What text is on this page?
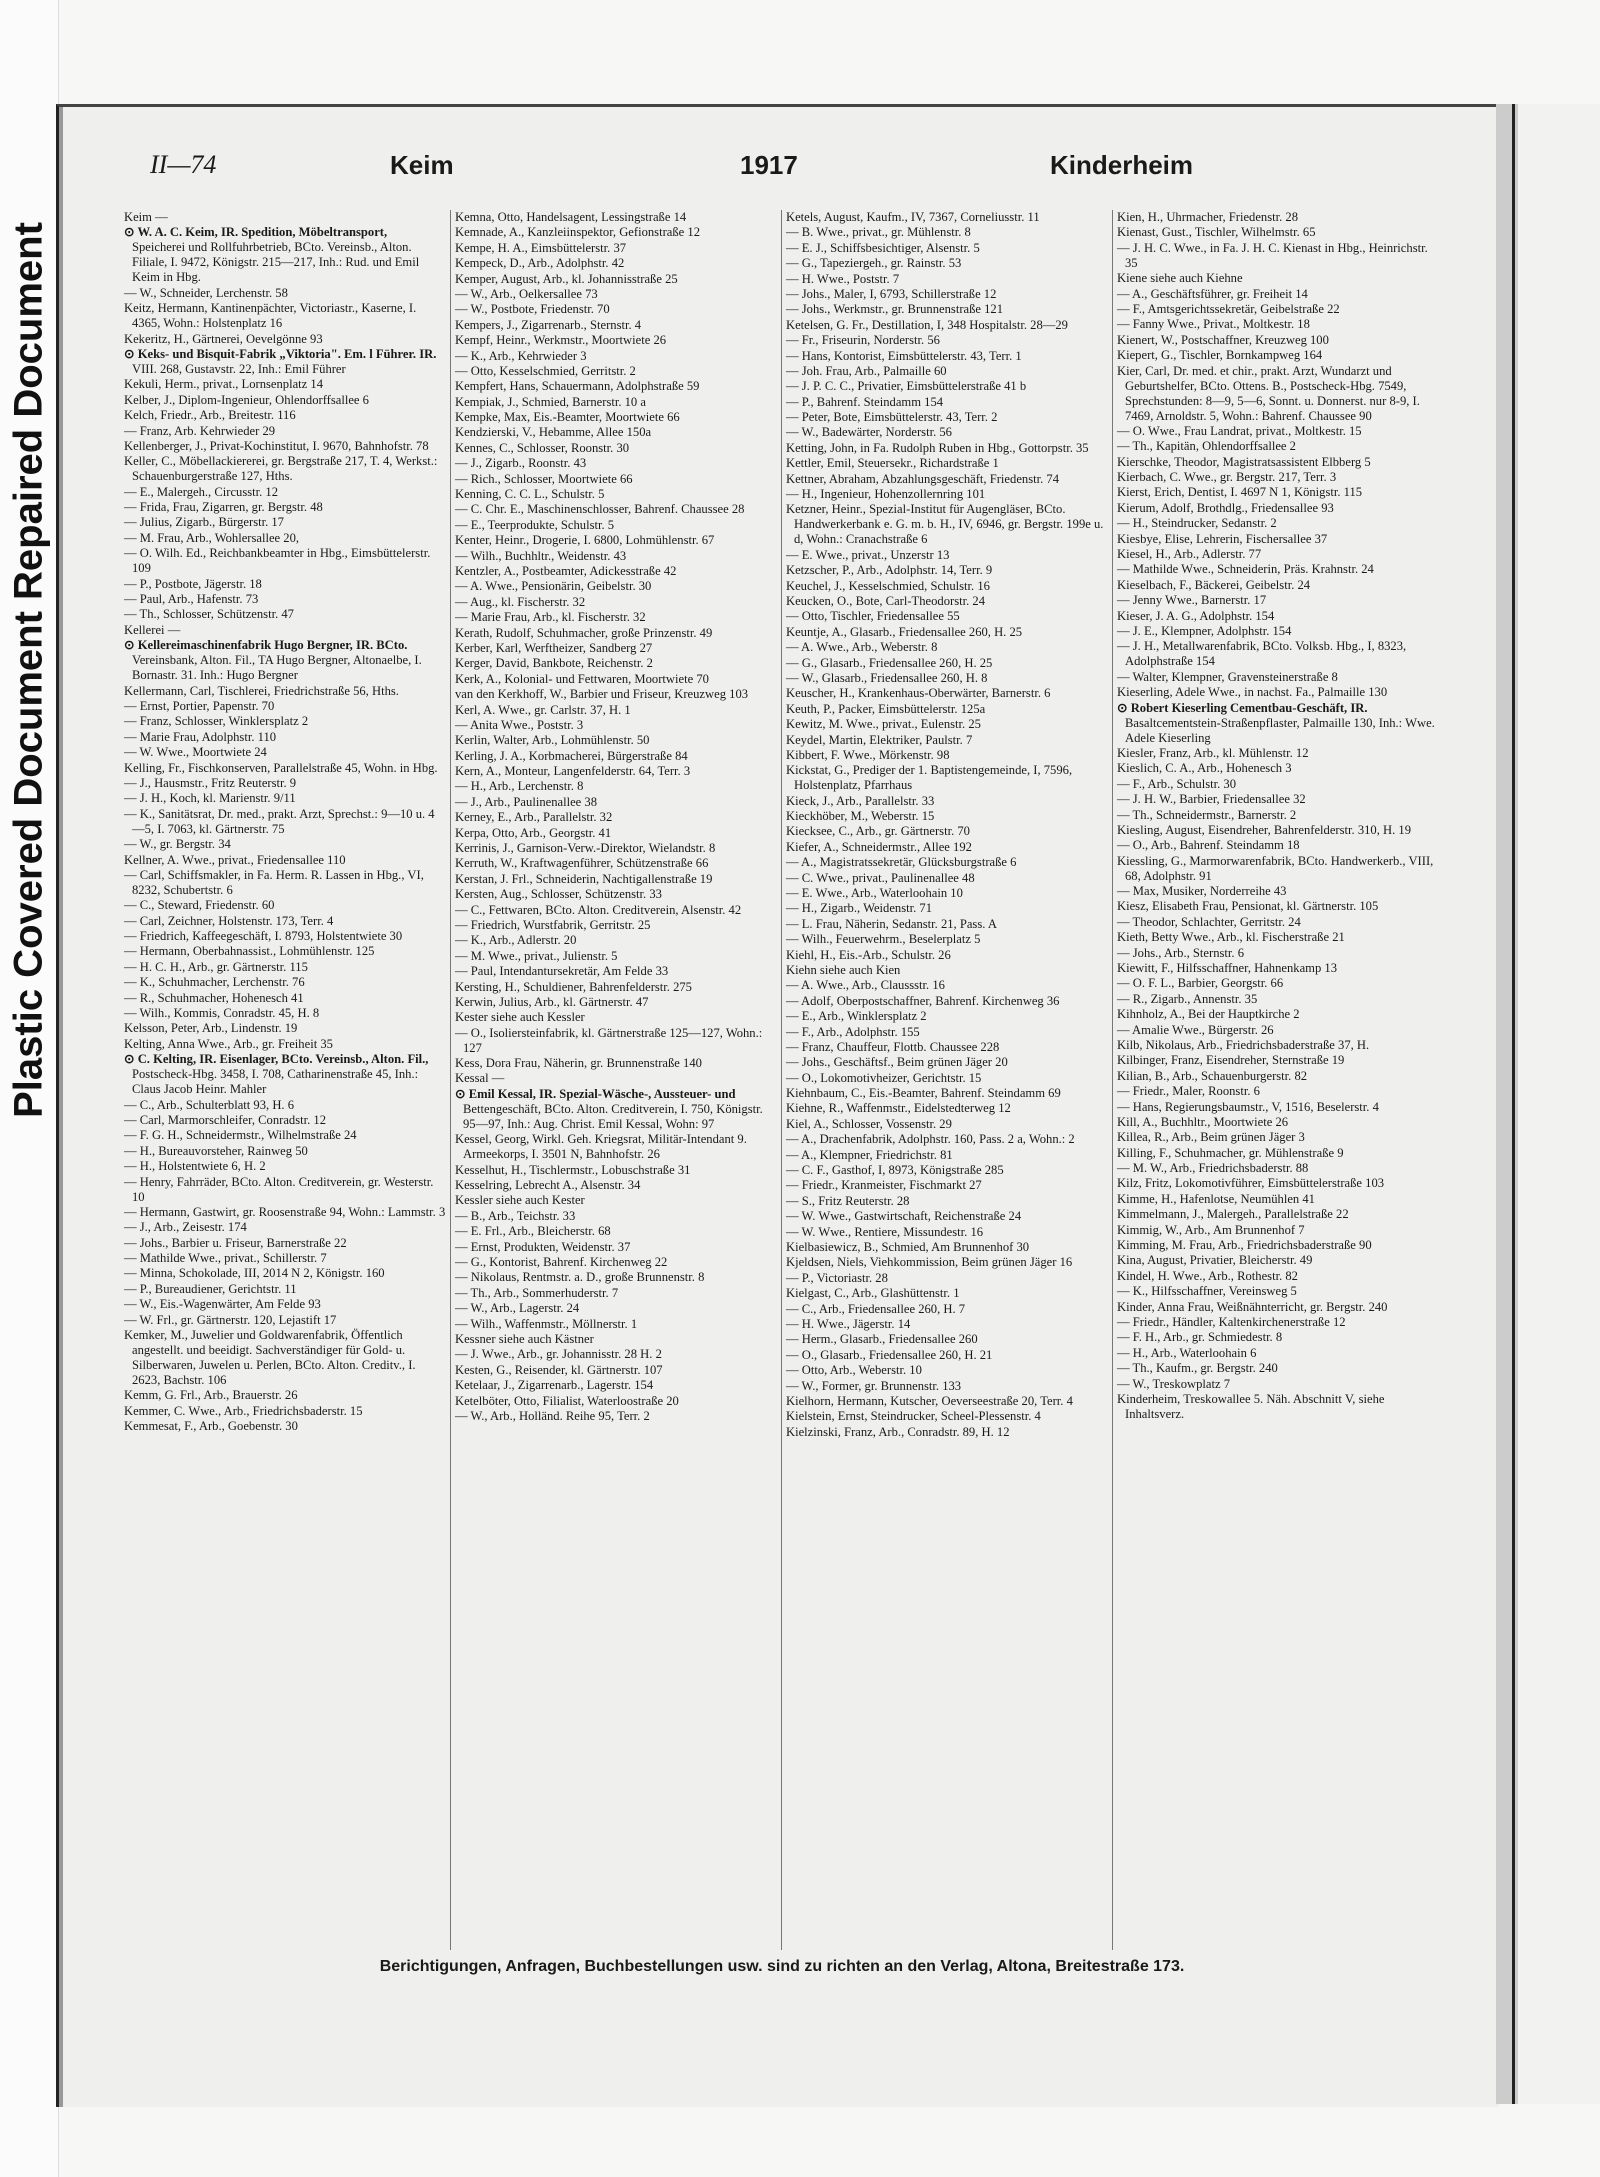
Plastic Covered Document Repaired Document
II—74	Keim	1917	Kinderheim
Keim —
⊙ W. A. C. Keim, IR. Spedition, Möbeltransport, Speicherei und Rollfuhrbetrieb, BCto. Vereinsb., Alton. Filiale, I. 9472, Königstr. 215—217, Inh.: Rud. und Emil Keim in Hbg.
— W., Schneider, Lerchenstr. 58
Keitz, Hermann, Kantinenpächter, Victoriastr., Kaserne, I. 4365, Wohn.: Holstenplatz 16
Kekeritz, H., Gärtnerei, Oevelgönne 93
⊙ Keks- und Bisquit-Fabrik „Viktoria". Em. l Führer. IR. VIII. 268, Gustavstr. 22, Inh.: Emil Führer
Kekuli, Herm., privat., Lornsenplatz 14
Kelber, J., Diplom-Ingenieur, Ohlendorffsallee 6
Kelch, Friedr., Arb., Breitestr. 116
— Franz, Arb. Kehrwieder 29
Kellenberger, J., Privat-Kochinstitut, I. 9670, Bahnhofstr. 78
Keller, C., Möbellackiererei, gr. Bergstraße 217, T. 4, Werkst.: Schauenburgerstraße 127, Hths.
— E., Malergeh., Circusstr. 12
— Frida, Frau, Zigarren, gr. Bergstr. 48
— Julius, Zigarb., Bürgerstr. 17
— M. Frau, Arb., Wohlersallee 20,
— O. Wilh. Ed., Reichbankbeamter in Hbg., Eimsbüttelerstr. 109
— P., Postbote, Jägerstr. 18
— Paul, Arb., Hafenstr. 73
— Th., Schlosser, Schützenstr. 47
Kellerei —
⊙ Kellereimaschinenfabrik Hugo Bergner, IR. BCto. Vereinsbank, Alton. Fil., TA Hugo Bergner, Altonaelbe, I. Bornastr. 31. Inh.: Hugo Bergner
Kellermann, Carl, Tischlerei, Friedrichstraße 56, Hths.
— Ernst, Portier, Papenstr. 70
— Franz, Schlosser, Winklersplatz 2
— Marie Frau, Adolphstr. 110
— W. Wwe., Moortwiete 24
Kelling, Fr., Fischkonserven, Parallelstraße 45, Wohn. in Hbg.
— J., Hausmstr., Fritz Reuterstr. 9
— J. H., Koch, kl. Marienstr. 9/11
— K., Sanitätsrat, Dr. med., prakt. Arzt, Sprechst.: 9—10 u. 4—5, I. 7063, kl. Gärtnerstr. 75
— W., gr. Bergstr. 34
Kellner, A. Wwe., privat., Friedensallee 110
— Carl, Schiffsmakler, in Fa. Herm. R. Lassen in Hbg., VI, 8232, Schubertstr. 6
— C., Steward, Friedenstr. 60
— Carl, Zeichner, Holstenstr. 173, Terr. 4
— Friedrich, Kaffeegeschäft, I. 8793, Holstentwiete 30
— Hermann, Oberbahnassist., Lohmühlenstr. 125
— H. C. H., Arb., gr. Gärtnerstr. 115
— K., Schuhmacher, Lerchenstr. 76
— R., Schuhmacher, Hohenesch 41
— Wilh., Kommis, Conradstr. 45, H. 8
Kelsson, Peter, Arb., Lindenstr. 19
Kelting, Anna Wwe., Arb., gr. Freiheit 35
⊙ C. Kelting, IR. Eisenlager, BCto. Vereinsb., Alton. Fil., Postscheck-Hbg. 3458, I. 708, Catharinenstraße 45, Inh.: Claus Jacob Heinr. Mahler
— C., Arb., Schulterblatt 93, H. 6
— Carl, Marmorschleifer, Conradstr. 12
— F. G. H., Schneidermstr., Wilhelmstraße 24
— H., Bureauvorsteher, Rainweg 50
— H., Holstentwiete 6, H. 2
— Henry, Fahrräder, BCto. Alton. Creditverein, gr. Westerstr. 10
— Hermann, Gastwirt, gr. Roosenstraße 94, Wohn.: Lammstr. 3
— J., Arb., Zeisestr. 174
— Johs., Barbier u. Friseur, Barnerstraße 22
— Mathilde Wwe., privat., Schillerstr. 7
— Minna, Schokolade, III, 2014 N 2, Königstr. 160
— P., Bureaudiener, Gerichtstr. 11
— W., Eis.-Wagenwärter, Am Felde 93
— W. Frl., gr. Gärtnerstr. 120, Lejastift 17
Kemker, M., Juwelier und Goldwarenfabrik, Öffentlich angestellt. und beeidigt. Sachverständiger für Gold- u. Silberwaren, Juwelen u. Perlen, BCto. Alton. Creditv., I. 2623, Bachstr. 106
Kemm, G. Frl., Arb., Brauerstr. 26
Kemmer, C. Wwe., Arb., Friedrichsbaderstr. 15
Kemmesat, F., Arb., Goebenstr. 30
Kemna, Otto, Handelsagent, Lessingstraße 14
Kemnade, A., Kanzleiinspektor, Gefionstraße 12
Kempe, H. A., Eimsbüttelerstr. 37
Kempeck, D., Arb., Adolphstr. 42
Kemper, August, Arb., kl. Johannisstraße 25
— W., Arb., Oelkersallee 73
— W., Postbote, Friedenstr. 70
Kempers, J., Zigarrenarb., Sternstr. 4
Kempf, Heinr., Werkmstr., Moortwiete 26
— K., Arb., Kehrwieder 3
— Otto, Kesselschmied, Gerritstr. 2
Kempfert, Hans, Schauermann, Adolphstraße 59
Kempiak, J., Schmied, Barnerstr. 10 a
Kempke, Max, Eis.-Beamter, Moortwiete 66
Kendzierski, V., Hebamme, Allee 150a
Kennes, C., Schlosser, Roonstr. 30
— J., Zigarb., Roonstr. 43
— Rich., Schlosser, Moortwiete 66
Kenning, C. C. L., Schulstr. 5
— C. Chr. E., Maschinenschlosser, Bahrenf. Chaussee 28
— E., Teerprodukte, Schulstr. 5
Kenter, Heinr., Drogerie, I. 6800, Lohmühlenstr. 67
— Wilh., Buchhltr., Weidenstr. 43
Kentzler, A., Postbeamter, Adickesstraße 42
— A. Wwe., Pensionärin, Geibelstr. 30
— Aug., kl. Fischerstr. 32
— Marie Frau, Arb., kl. Fischerstr. 32
Kerath, Rudolf, Schuhmacher, große Prinzenstr. 49
Kerber, Karl, Werftheizer, Sandberg 27
Kerger, David, Bankbote, Reichenstr. 2
Kerk, A., Kolonial- und Fettwaren, Moortwiete 70
van den Kerkhoff, W., Barbier und Friseur, Kreuzweg 103
Kerl, A. Wwe., gr. Carlstr. 37, H. 1
— Anita Wwe., Poststr. 3
Kerlin, Walter, Arb., Lohmühlenstr. 50
Kerling, J. A., Korbmacherei, Bürgerstraße 84
Kern, A., Monteur, Langenfelderstr. 64, Terr. 3
— H., Arb., Lerchenstr. 8
— J., Arb., Paulinenallee 38
Kerney, E., Arb., Parallelstr. 32
Kerpa, Otto, Arb., Georgstr. 41
Kerrinis, J., Garnison-Verw.-Direktor, Wielandstr. 8
Kerruth, W., Kraftwagenführer, Schützenstraße 66
Kerstan, J. Frl., Schneiderin, Nachtigallenstraße 19
Kersten, Aug., Schlosser, Schützenstr. 33
— C., Fettwaren, BCto. Alton. Creditverein, Alsenstr. 42
— Friedrich, Wurstfabrik, Gerritstr. 25
— K., Arb., Adlerstr. 20
— M. Wwe., privat., Julienstr. 5
— Paul, Intendantursekretär, Am Felde 33
Kersting, H., Schuldiener, Bahrenfelderstr. 275
Kerwin, Julius, Arb., kl. Gärtnerstr. 47
Kester siehe auch Kessler
— O., Isoliersteinfabrik, kl. Gärtnerstraße 125—127, Wohn.: 127
Kess, Dora Frau, Näherin, gr. Brunnenstraße 140
Kessal —
⊙ Emil Kessal, IR. Spezial-Wäsche-, Aussteuer- und Bettengeschäft, BCto. Alton. Creditverein, I. 750, Königstr. 95—97, Inh.: Aug. Christ. Emil Kessal, Wohn: 97
Kessel, Georg, Wirkl. Geh. Kriegsrat, Militär-Intendant 9. Armeekorps, I. 3501 N, Bahnhofstr. 26
Kesselhut, H., Tischlermstr., Lobuschstraße 31
Kesselring, Lebrecht A., Alsenstr. 34
Kessler siehe auch Kester
— B., Arb., Teichstr. 33
— E. Frl., Arb., Bleicherstr. 68
— Ernst, Produkten, Weidenstr. 37
— G., Kontorist, Bahrenf. Kirchenweg 22
— Nikolaus, Rentmstr. a. D., große Brunnenstr. 8
— Th., Arb., Sommerhuderstr. 7
— W., Arb., Lagerstr. 24
— Wilh., Waffenmstr., Möllnerstr. 1
Kessner siehe auch Kästner
— J. Wwe., Arb., gr. Johannisstr. 28 H. 2
Kesten, G., Reisender, kl. Gärtnerstr. 107
Ketelaar, J., Zigarrenarb., Lagerstr. 154
Ketelböter, Otto, Filialist, Waterloostraße 20
— W., Arb., Holländ. Reihe 95, Terr. 2
Ketels, August, Kaufm., IV, 7367, Corneliusstr. 11
— B. Wwe., privat., gr. Mühlenstr. 8
— E. J., Schiffsbesichtiger, Alsenstr. 5
— G., Tapeziergeh., gr. Rainstr. 53
— H. Wwe., Poststr. 7
— Johs., Maler, I, 6793, Schillerstraße 12
— Johs., Werkmstr., gr. Brunnenstraße 121
Ketelsen, G. Fr., Destillation, I, 348 Hospitalstr. 28—29
— Fr., Friseurin, Norderstr. 56
— Hans, Kontorist, Eimsbüttelerstr. 43, Terr. 1
— Joh. Frau, Arb., Palmaille 60
— J. P. C. C., Privatier, Eimsbüttelerstraße 41 b
— P., Bahrenf. Steindamm 154
— Peter, Bote, Eimsbüttelerstr. 43, Terr. 2
— W., Badewärter, Norderstr. 56
Ketting, John, in Fa. Rudolph Ruben in Hbg., Gottorpstr. 35
Kettler, Emil, Steuersekr., Richardstraße 1
Kettner, Abraham, Abzahlungsgeschäft, Friedenstr. 74
— H., Ingenieur, Hohenzollernring 101
Ketzner, Heinr., Spezial-Institut für Augengläser, BCto. Handwerkerbank e. G. m. b. H., IV, 6946, gr. Bergstr. 199e u. d, Wohn.: Cranachstraße 6
— E. Wwe., privat., Unzerstr 13
Ketzscher, P., Arb., Adolphstr. 14, Terr. 9
Keuchel, J., Kesselschmied, Schulstr. 16
Keucken, O., Bote, Carl-Theodorstr. 24
— Otto, Tischler, Friedensallee 55
Keuntje, A., Glasarb., Friedensallee 260, H. 25
— A. Wwe., Arb., Weberstr. 8
— G., Glasarb., Friedensallee 260, H. 25
— W., Glasarb., Friedensallee 260, H. 8
Keuscher, H., Krankenhaus-Oberwärter, Barnerstr. 6
Keuth, P., Packer, Eimsbüttelerstr. 125a
Kewitz, M. Wwe., privat., Eulenstr. 25
Keydel, Martin, Elektriker, Paulstr. 7
Kibbert, F. Wwe., Mörkenstr. 98
Kickstat, G., Prediger der 1. Baptistengemeinde, I, 7596, Holstenplatz, Pfarrhaus
Kieck, J., Arb., Parallelstr. 33
Kieckhöber, M., Weberstr. 15
Kiecksee, C., Arb., gr. Gärtnerstr. 70
Kiefer, A., Schneidermstr., Allee 192
— A., Magistratssekretär, Glücksburgstraße 6
— C. Wwe., privat., Paulinenallee 48
— E. Wwe., Arb., Waterloohain 10
— H., Zigarb., Weidenstr. 71
— L. Frau, Näherin, Sedanstr. 21, Pass. A
— Wilh., Feuerwehrm., Beselerplatz 5
Kiehl, H., Eis.-Arb., Schulstr. 26
Kiehn siehe auch Kien
— A. Wwe., Arb., Claussstr. 16
— Adolf, Oberpostschaffner, Bahrenf. Kirchenweg 36
— E., Arb., Winklersplatz 2
— F., Arb., Adolphstr. 155
— Franz, Chauffeur, Flottb. Chaussee 228
— Johs., Geschäftsf., Beim grünen Jäger 20
— O., Lokomotivheizer, Gerichtstr. 15
Kiehnbaum, C., Eis.-Beamter, Bahrenf. Steindamm 69
Kiehne, R., Waffenmstr., Eidelstedterweg 12
Kiel, A., Schlosser, Vossenstr. 29
— A., Drachenfabrik, Adolphstr. 160, Pass. 2 a, Wohn.: 2
— A., Klempner, Friedrichstr. 81
— C. F., Gasthof, I, 8973, Königstraße 285
— Friedr., Kranmeister, Fischmarkt 27
— S., Fritz Reuterstr. 28
— W. Wwe., Gastwirtschaft, Reichenstraße 24
— W. Wwe., Rentiere, Missundestr. 16
Kielbasiewicz, B., Schmied, Am Brunnenhof 30
Kjeldsen, Niels, Viehkommission, Beim grünen Jäger 16
— P., Victoriastr. 28
Kielgast, C., Arb., Glashüttenstr. 1
— C., Arb., Friedensallee 260, H. 7
— H. Wwe., Jägerstr. 14
— Herm., Glasarb., Friedensallee 260
— O., Glasarb., Friedensallee 260, H. 21
— Otto, Arb., Weberstr. 10
— W., Former, gr. Brunnenstr. 133
Kielhorn, Hermann, Kutscher, Oeverseestraße 20, Terr. 4
Kielstein, Ernst, Steindrucker, Scheel-Plessenstr. 4
Kielzinski, Franz, Arb., Conradstr. 89, H. 12
Kien, H., Uhrmacher, Friedenstr. 28
Kienast, Gust., Tischler, Wilhelmstr. 65
— J. H. C. Wwe., in Fa. J. H. C. Kienast in Hbg., Heinrichstr. 35
Kiene siehe auch Kiehne
— A., Geschäftsführer, gr. Freiheit 14
— F., Amtsgerichtssekretär, Geibelstraße 22
— Fanny Wwe., Privat., Moltkestr. 18
Kienert, W., Postschaffner, Kreuzweg 100
Kiepert, G., Tischler, Bornkampweg 164
Kier, Carl, Dr. med. et chir., prakt. Arzt, Wundarzt und Geburtshelfer, BCto. Ottens. B., Postscheck-Hbg. 7549, Sprechstunden: 8—9, 5—6, Sonnt. u. Donnerst. nur 8-9, I. 7469, Arnoldstr. 5, Wohn.: Bahrenf. Chaussee 90
— O. Wwe., Frau Landrat, privat., Moltkestr. 15
— Th., Kapitän, Ohlendorffsallee 2
Kierschke, Theodor, Magistratsassistent Elbberg 5
Kierbach, C. Wwe., gr. Bergstr. 217, Terr. 3
Kierst, Erich, Dentist, I. 4697 N 1, Königstr. 115
Kierum, Adolf, Brothdlg., Friedensallee 93
— H., Steindrucker, Sedanstr. 2
Kiesbye, Elise, Lehrerin, Fischersallee 37
Kiesel, H., Arb., Adlerstr. 77
— Mathilde Wwe., Schneiderin, Präs. Krahnstr. 24
Kieselbach, F., Bäckerei, Geibelstr. 24
— Jenny Wwe., Barnerstr. 17
Kieser, J. A. G., Adolphstr. 154
— J. E., Klempner, Adolphstr. 154
— J. H., Metallwarenfabrik, BCto. Volksb. Hbg., I, 8323, Adolphstraße 154
— Walter, Klempner, Gravensteinerstraße 8
Kieserling, Adele Wwe., in nachst. Fa., Palmaille 130
⊙ Robert Kieserling Cementbau-Geschäft, IR. Basaltcementstein-Straßenpflaster, Palmaille 130, Inh.: Wwe. Adele Kieserling
Kiesler, Franz, Arb., kl. Mühlenstr. 12
Kieslich, C. A., Arb., Hohenesch 3
— F., Arb., Schulstr. 30
— J. H. W., Barbier, Friedensallee 32
— Th., Schneidermstr., Barnerstr. 2
Kiesling, August, Eisendreher, Bahrenfelderstr. 310, H. 19
— O., Arb., Bahrenf. Steindamm 18
Kiessling, G., Marmorwarenfabrik, BCto. Handwerkerb., VIII, 68, Adolphstr. 91
— Max, Musiker, Norderreihe 43
Kiesz, Elisabeth Frau, Pensionat, kl. Gärtnerstr. 105
— Theodor, Schlachter, Gerritstr. 24
Kieth, Betty Wwe., Arb., kl. Fischerstraße 21
— Johs., Arb., Sternstr. 6
Kiewitt, F., Hilfsschaffner, Hahnenkamp 13
— O. F. L., Barbier, Georgstr. 66
— R., Zigarb., Annenstr. 35
Kihnholz, A., Bei der Hauptkirche 2
— Amalie Wwe., Bürgerstr. 26
Kilb, Nikolaus, Arb., Friedrichsbaderstraße 37, H.
Kilbinger, Franz, Eisendreher, Sternstraße 19
Kilian, B., Arb., Schauenburgerstr. 82
— Friedr., Maler, Roonstr. 6
— Hans, Regierungsbaumstr., V, 1516, Beselerstr. 4
Kill, A., Buchhltr., Moortwiete 26
Killea, R., Arb., Beim grünen Jäger 3
Killing, F., Schuhmacher, gr. Mühlenstraße 9
— M. W., Arb., Friedrichsbaderstr. 88
Kilz, Fritz, Lokomotivführer, Eimsbüttelerstraße 103
Kimme, H., Hafenlotse, Neumühlen 41
Kimmelmann, J., Malergeh., Parallelstraße 22
Kimmig, W., Arb., Am Brunnenhof 7
Kimming, M. Frau, Arb., Friedrichsbaderstraße 90
Kina, August, Privatier, Bleicherstr. 49
Kindel, H. Wwe., Arb., Rothestr. 82
— K., Hilfsschaffner, Vereinsweg 5
Kinder, Anna Frau, Weißnähnterricht, gr. Bergstr. 240
— Friedr., Händler, Kaltenkirchenerstraße 12
— F. H., Arb., gr. Schmiedestr. 8
— H., Arb., Waterloohain 6
— Th., Kaufm., gr. Bergstr. 240
— W., Treskowplatz 7
Kinderheim, Treskowallee 5. Näh. Abschnitt V, siehe Inhaltsverz.
Berichtigungen, Anfragen, Buchbestellungen usw. sind zu richten an den Verlag, Altona, Breitestraße 173.
